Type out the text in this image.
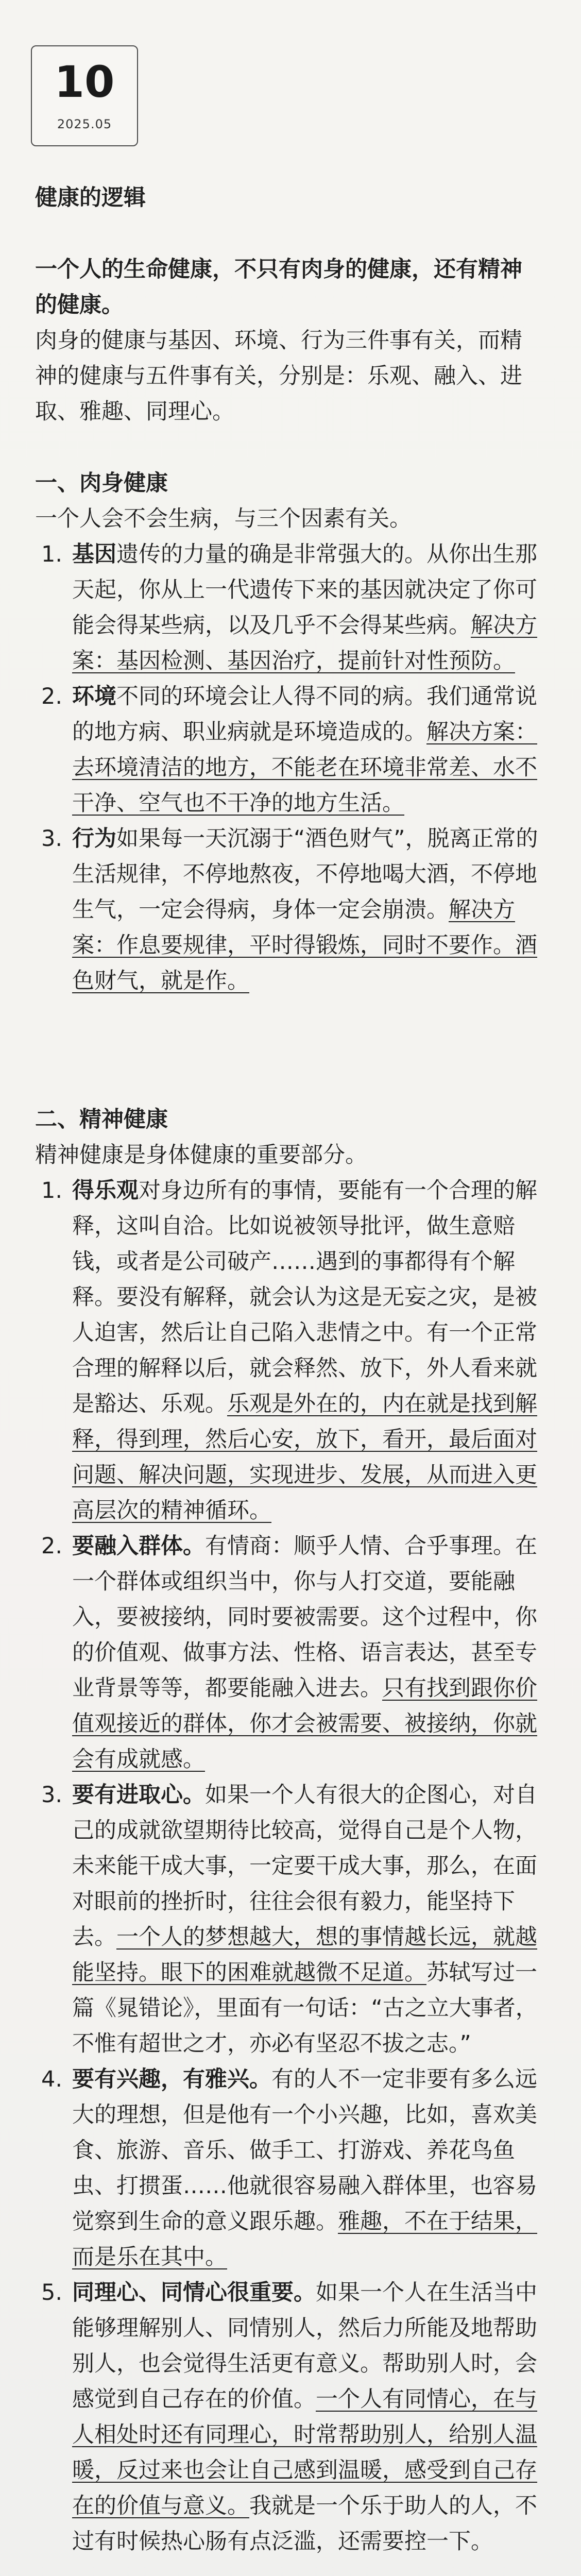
10
2025.05

健康的逻辑

一个人的生命健康，不只有肉身的健康，还有精神的健康。

肉身的健康与基因、环境、行为三件事有关，而精神的健康与五件事有关，分别是：乐观、融入、进取、雅趣、同理心。

一、肉身健康

一个人会不会生病，与三个因素有关。

1. 基因遗传的力量的确是非常强大的。从你出生那天起，你从上一代遗传下来的基因就决定了你可能会得某些病，以及几乎不会得某些病。解决方案：基因检测、基因治疗，提前针对性预防。
2. 环境不同的环境会让人得不同的病。我们通常说的地方病、职业病就是环境造成的。解决方案：去环境清洁的地方，不能老在环境非常差、水不干净、空气也不干净的地方生活。
3. 行为如果每一天沉溺于“酒色财气”，脱离正常的生活规律，不停地熬夜，不停地喝大酒，不停地生气，一定会得病，身体一定会崩溃。解决方案：作息要规律，平时得锻炼，同时不要作。酒色财气，就是作。

二、精神健康

精神健康是身体健康的重要部分。

1. 得乐观对身边所有的事情，要能有一个合理的解释，这叫自洽。比如说被领导批评，做生意赔钱，或者是公司破产……遇到的事都得有个解释。要没有解释，就会认为这是无妄之灾，是被人迫害，然后让自己陷入悲情之中。有一个正常合理的解释以后，就会释然、放下，外人看来就是豁达、乐观。乐观是外在的，内在就是找到解释，得到理，然后心安，放下，看开，最后面对问题、解决问题，实现进步、发展，从而进入更高层次的精神循环。
2. 要融入群体。有情商：顺乎人情、合乎事理。在一个群体或组织当中，你与人打交道，要能融入，要被接纳，同时要被需要。这个过程中，你的价值观、做事方法、性格、语言表达，甚至专业背景等等，都要能融入进去。只有找到跟你价值观接近的群体，你才会被需要、被接纳，你就会有成就感。
3. 要有进取心。如果一个人有很大的企图心，对自己的成就欲望期待比较高，觉得自己是个人物，未来能干成大事，一定要干成大事，那么，在面对眼前的挫折时，往往会很有毅力，能坚持下去。一个人的梦想越大，想的事情越长远，就越能坚持。眼下的困难就越微不足道。苏轼写过一篇《晁错论》，里面有一句话：“古之立大事者，不惟有超世之才，亦必有坚忍不拔之志。”
4. 要有兴趣，有雅兴。有的人不一定非要有多么远大的理想，但是他有一个小兴趣，比如，喜欢美食、旅游、音乐、做手工、打游戏、养花鸟鱼虫、打掼蛋……他就很容易融入群体里，也容易觉察到生命的意义跟乐趣。雅趣，不在于结果，而是乐在其中。
5. 同理心、同情心很重要。如果一个人在生活当中能够理解别人、同情别人，然后力所能及地帮助别人，也会觉得生活更有意义。帮助别人时，会感觉到自己存在的价值。一个人有同情心，在与人相处时还有同理心，时常帮助别人，给别人温暖，反过来也会让自己感到温暖，感受到自己存在的价值与意义。我就是一个乐于助人的人，不过有时候热心肠有点泛滥，还需要控一下。
